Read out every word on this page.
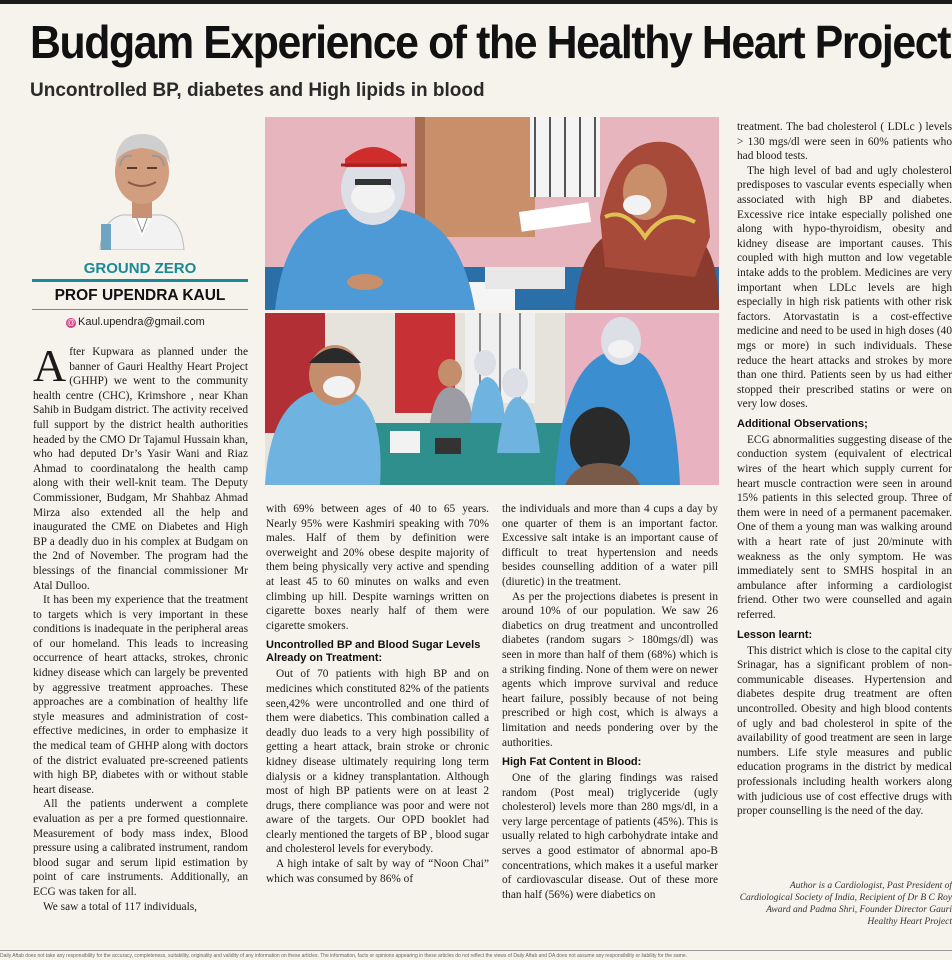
Budgam Experience of the Healthy Heart Project
Uncontrolled BP, diabetes and High lipids in blood
GROUND ZERO
PROF UPENDRA KAUL
@ Kaul.upendra@gmail.com

After Kupwara as planned under the banner of Gauri Healthy Heart Project (GHHP) we went to the community health centre (CHC), Krimshore , near Khan Sahib in Budgam district. The activity received full support by the district health authorities headed by the CMO Dr Tajamul Hussain khan, who had deputed Dr’s Yasir Wani and Riaz Ahmad to coordinatalong the health camp along with their well-knit team. The Deputy Commissioner, Budgam, Mr Shahbaz Ahmad Mirza also extended all the help and inaugurated the CME on Diabetes and High BP a deadly duo in his complex at Budgam on the 2nd of November. The program had the blessings of the financial commissioner Mr Atal Dulloo.

It has been my experience that the treatment to targets which is very important in these conditions is inadequate in the peripheral areas of our homeland. This leads to increasing occurrence of heart attacks, strokes, chronic kidney disease which can largely be prevented by aggressive treatment approaches. These approaches are a combination of healthy life style measures and administration of cost-effective medicines, in order to emphasize it the medical team of GHHP along with doctors of the district evaluated pre-screened patients with high BP, diabetes with or without stable heart disease.

All the patients underwent a complete evaluation as per a pre formed questionnaire. Measurement of body mass index, Blood pressure using a calibrated instrument, random blood sugar and serum lipid estimation by point of care instruments. Additionally, an ECG was taken for all.

We saw a total of 117 individuals,

with 69% between ages of 40 to 65 years. Nearly 95% were Kashmiri speaking with 70% males. Half of them by definition were overweight and 20% obese despite majority of them being physically very active and spending at least 45 to 60 minutes on walks and even climbing up hill. Despite warnings written on cigarette boxes nearly half of them were cigarette smokers.

Uncontrolled BP and Blood Sugar Levels Already on Treatment:

Out of 70 patients with high BP and on medicines which constituted 82% of the patients seen,42% were uncontrolled and one third of them were diabetics. This combination called a deadly duo leads to a very high possibility of getting a heart attack, brain stroke or chronic kidney disease ultimately requiring long term dialysis or a kidney transplantation. Although most of high BP patients were on at least 2 drugs, there compliance was poor and were not aware of the targets. Our OPD booklet had clearly mentioned the targets of BP , blood sugar and cholesterol levels for everybody.

A high intake of salt by way of “Noon Chai” which was consumed by 86% of

the individuals and more than 4 cups a day by one quarter of them is an important factor. Excessive salt intake is an important cause of difficult to treat hypertension and needs besides counselling addition of a water pill (diuretic) in the treatment.

As per the projections diabetes is present in around 10% of our population. We saw 26 diabetics on drug treatment and uncontrolled diabetes (random sugars > 180mgs/dl) was seen in more than half of them (68%) which is a striking finding. None of them were on newer agents which improve survival and reduce heart failure, possibly because of not being prescribed or high cost, which is always a limitation and needs pondering over by the authorities.

High Fat Content in Blood:

One of the glaring findings was raised random (Post meal) triglyceride (ugly cholesterol) levels more than 280 mgs/dl, in a very large percentage of patients (45%). This is usually related to high carbohydrate intake and serves a good estimator of abnormal apo-B concentrations, which makes it a useful marker of cardiovascular disease. Out of these more than half (56%) were diabetics on

treatment. The bad cholesterol ( LDLc ) levels > 130 mgs/dl were seen in 60% patients who had blood tests.

The high level of bad and ugly cholesterol predisposes to vascular events especially when associated with high BP and diabetes. Excessive rice intake especially polished one along with hypo-thyroidism, obesity and kidney disease are important causes. This coupled with high mutton and low vegetable intake adds to the problem. Medicines are very important when LDLc levels are high especially in high risk patients with other risk factors. Atorvastatin is a cost-effective medicine and need to be used in high doses (40 mgs or more) in such individuals. These reduce the heart attacks and strokes by more than one third. Patients seen by us had either stopped their prescribed statins or were on very low doses.

Additional Observations;

ECG abnormalities suggesting disease of the conduction system (equivalent of electrical wires of the heart which supply current for heart muscle contraction were seen in around 15% patients in this selected group. Three of them were in need of a permanent pacemaker. One of them a young man was walking around with a heart rate of just 20/minute with weakness as the only symptom. He was immediately sent to SMHS hospital in an ambulance after informing a cardiologist friend. Other two were counselled and again referred.

Lesson learnt:

This district which is close to the capital city Srinagar, has a significant problem of non-communicable diseases. Hypertension and diabetes despite drug treatment are often uncontrolled. Obesity and high blood contents of ugly and bad cholesterol in spite of the availability of good treatment are seen in large numbers. Life style measures and public education programs in the district by medical professionals including health workers along with judicious use of cost effective drugs with proper counselling is the need of the day.

Author is a Cardiologist, Past President of Cardiological Society of India, Recipient of Dr B C Roy Award and Padma Shri, Founder Director Gauri Healthy Heart Project
Daily Aftab does not take any responsibility for the accuracy, completeness, suitability, originality and validity of any information on these articles. The information, facts or opinions appearing in these articles do not reflect the views of Daily Aftab and DA does not assume any responsibility or liability for the same.
